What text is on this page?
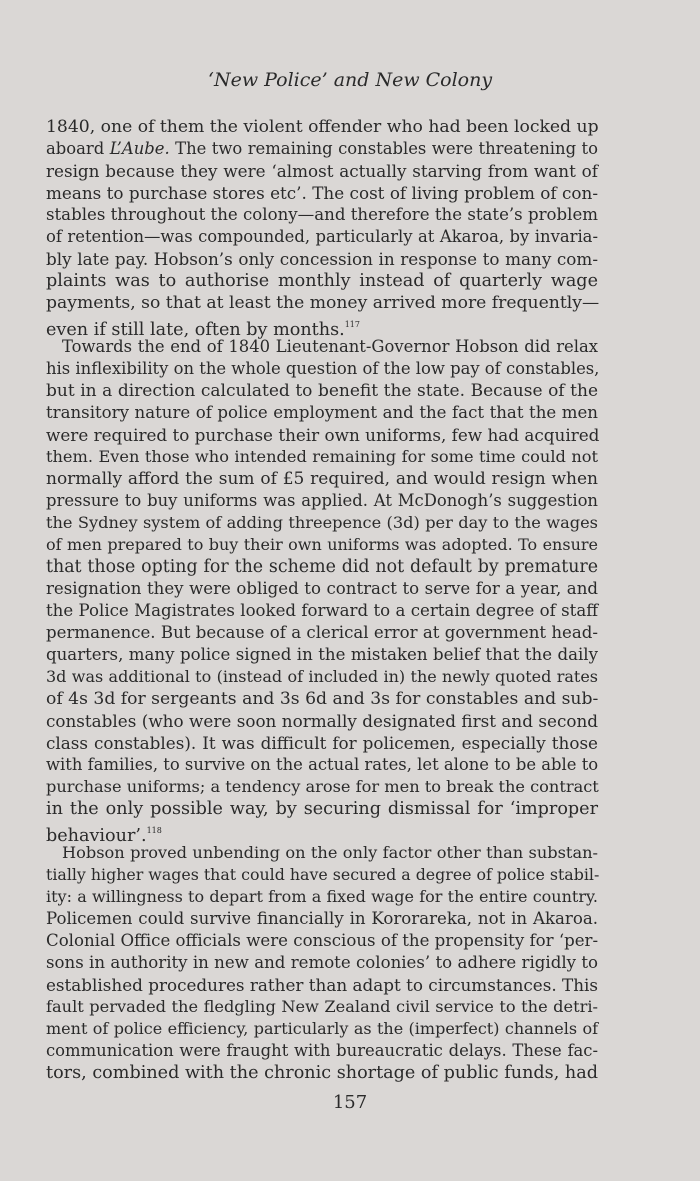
‘New Police’ and New Colony
1840, one of them the violent offender who had been locked up
aboard L’Aube. The two remaining constables were threatening to
resign because they were ‘almost actually starving from want of
means to purchase stores etc’. The cost of living problem of con-
stables throughout the colony—and therefore the state’s problem
of retention—was compounded, particularly at Akaroa, by invaria-
bly late pay. Hobson’s only concession in response to many com-
plaints was to authorise monthly instead of quarterly wage
payments, so that at least the money arrived more frequently—
even if still late, often by months.$^{117}$
Towards the end of 1840 Lieutenant-Governor Hobson did relax
his inflexibility on the whole question of the low pay of constables,
but in a direction calculated to benefit the state. Because of the
transitory nature of police employment and the fact that the men
were required to purchase their own uniforms, few had acquired
them. Even those who intended remaining for some time could not
normally afford the sum of £5 required, and would resign when
pressure to buy uniforms was applied. At McDonogh’s suggestion
the Sydney system of adding threepence (3d) per day to the wages
of men prepared to buy their own uniforms was adopted. To ensure
that those opting for the scheme did not default by premature
resignation they were obliged to contract to serve for a year, and
the Police Magistrates looked forward to a certain degree of staff
permanence. But because of a clerical error at government head-
quarters, many police signed in the mistaken belief that the daily
3d was additional to (instead of included in) the newly quoted rates
of 4s 3d for sergeants and 3s 6d and 3s for constables and sub-
constables (who were soon normally designated first and second
class constables). It was difficult for policemen, especially those
with families, to survive on the actual rates, let alone to be able to
purchase uniforms; a tendency arose for men to break the contract
in the only possible way, by securing dismissal for ‘improper
behaviour’.$^{118}$
Hobson proved unbending on the only factor other than substan-
tially higher wages that could have secured a degree of police stabil-
ity: a willingness to depart from a fixed wage for the entire country.
Policemen could survive financially in Kororareka, not in Akaroa.
Colonial Office officials were conscious of the propensity for ‘per-
sons in authority in new and remote colonies’ to adhere rigidly to
established procedures rather than adapt to circumstances. This
fault pervaded the fledgling New Zealand civil service to the detri-
ment of police efficiency, particularly as the (imperfect) channels of
communication were fraught with bureaucratic delays. These fac-
tors, combined with the chronic shortage of public funds, had
157
